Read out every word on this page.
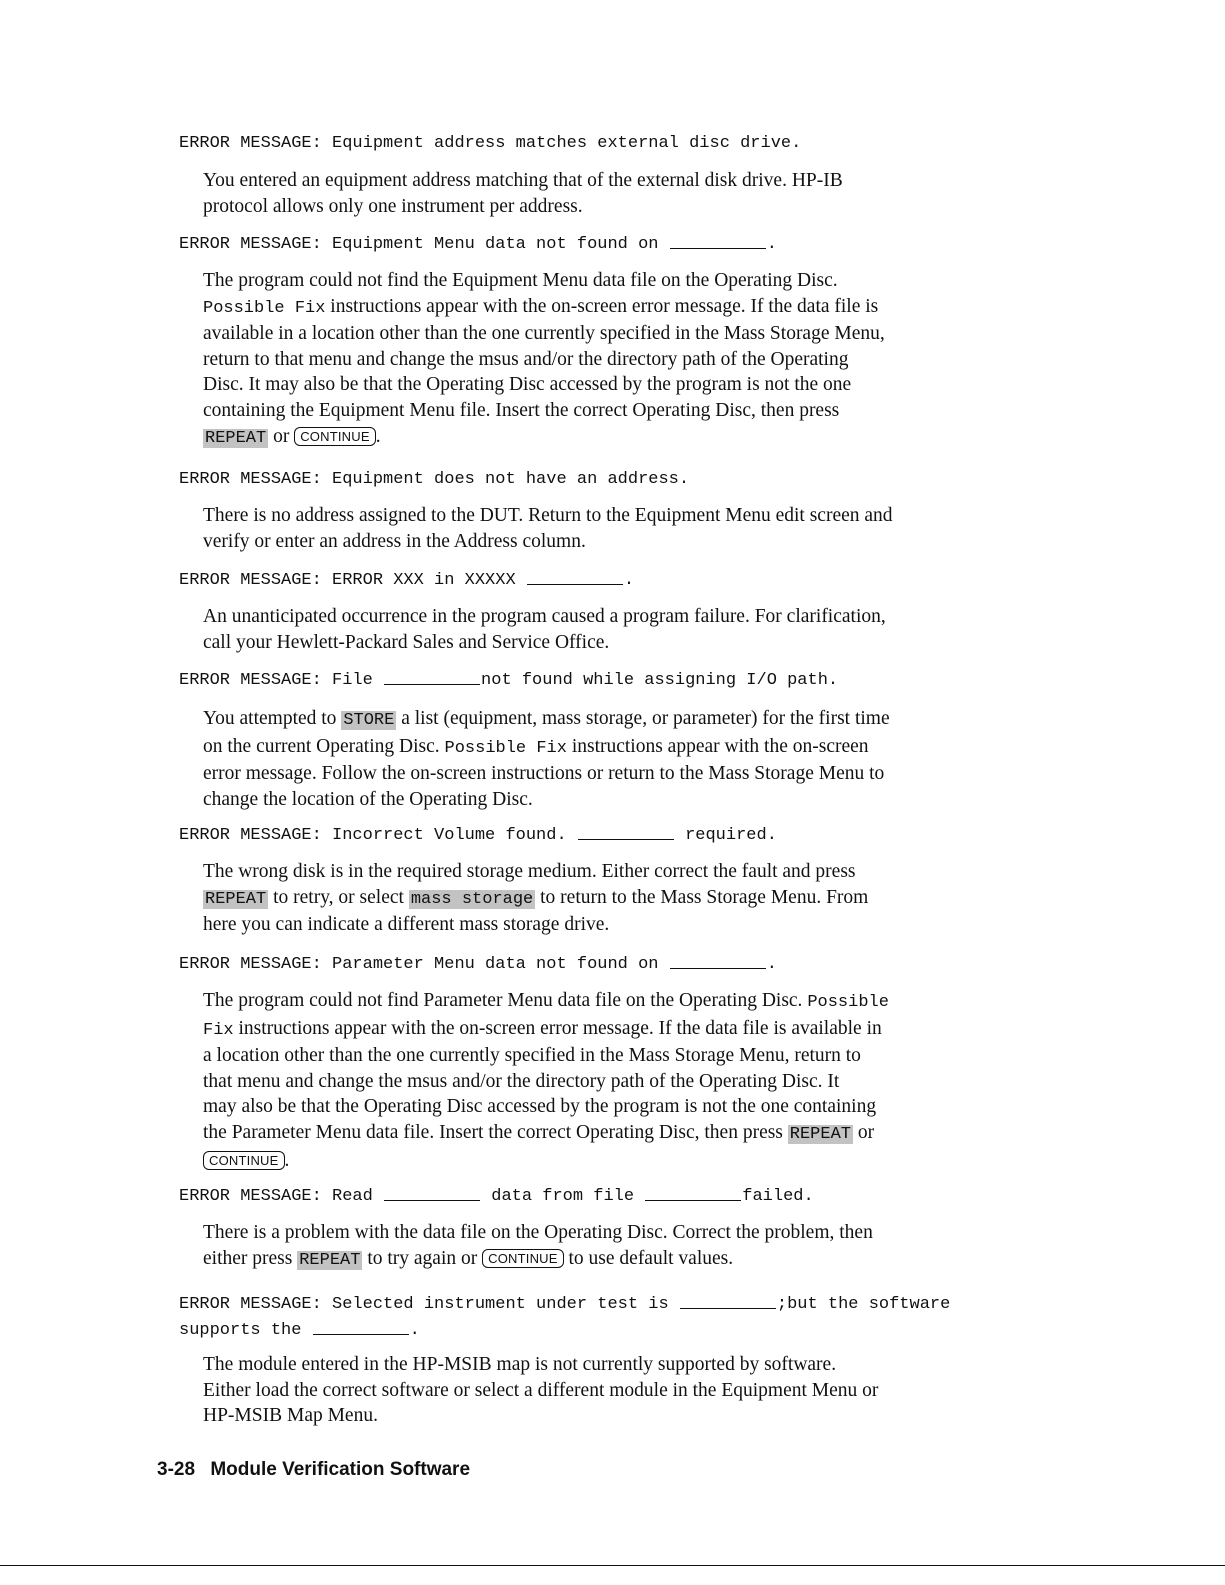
ERROR MESSAGE: Equipment address matches external disc drive.
You entered an equipment address matching that of the external disk drive. HP-IB
protocol allows only one instrument per address.
ERROR MESSAGE: Equipment Menu data not found on	.
The program could not find the Equipment Menu data file on the Operating Disc.
Possible Fix instructions appear with the on-screen error message. If the data file is
available in a location other than the one currently specified in the Mass Storage Menu,
return to that menu and change the msus and/or the directory path of the Operating
Disc. It may also be that the Operating Disc accessed by the program is not the one
containing the Equipment Menu file. Insert the correct Operating Disc, then press
REPEAT or CONTINUE .
ERROR MESSAGE: Equipment does not have an address.
There is no address assigned to the DUT. Return to the Equipment Menu edit screen and
verify or enter an address in the Address column.
ERROR MESSAGE: ERROR XXX in XXXXX	.
An unanticipated occurrence in the program caused a program failure. For clarification,
call your Hewlett-Packard Sales and Service Office.
ERROR MESSAGE: File	not found while assigning I/O path.
You attempted to STORE a list (equipment, mass storage, or parameter) for the first time
on the current Operating Disc. Possible Fix instructions appear with the on-screen
error message. Follow the on-screen instructions or return to the Mass Storage Menu to
change the location of the Operating Disc.
ERROR MESSAGE: Incorrect Volume found.	required.
The wrong disk is in the required storage medium. Either correct the fault and press
REPEAT to retry, or select mass storage to return to the Mass Storage Menu. From
here you can indicate a different mass storage drive.
ERROR MESSAGE: Parameter Menu data not found on	.
The program could not find Parameter Menu data file on the Operating Disc. Possible
Fix instructions appear with the on-screen error message. If the data file is available in
a location other than the one currently specified in the Mass Storage Menu, return to
that menu and change the msus and/or the directory path of the Operating Disc. It
may also be that the Operating Disc accessed by the program is not the one containing
the Parameter Menu data file. Insert the correct Operating Disc, then press REPEAT or
CONTINUE .
ERROR MESSAGE: Read	data from file	failed.
There is a problem with the data file on the Operating Disc. Correct the problem, then
either press REPEAT to try again or CONTINUE to use default values.
ERROR MESSAGE: Selected instrument under test is	;but the software
supports the	.
The module entered in the HP-MSIB map is not currently supported by software.
Either load the correct software or select a different module in the Equipment Menu or
HP-MSIB Map Menu.
3-28 Module Verification Software
